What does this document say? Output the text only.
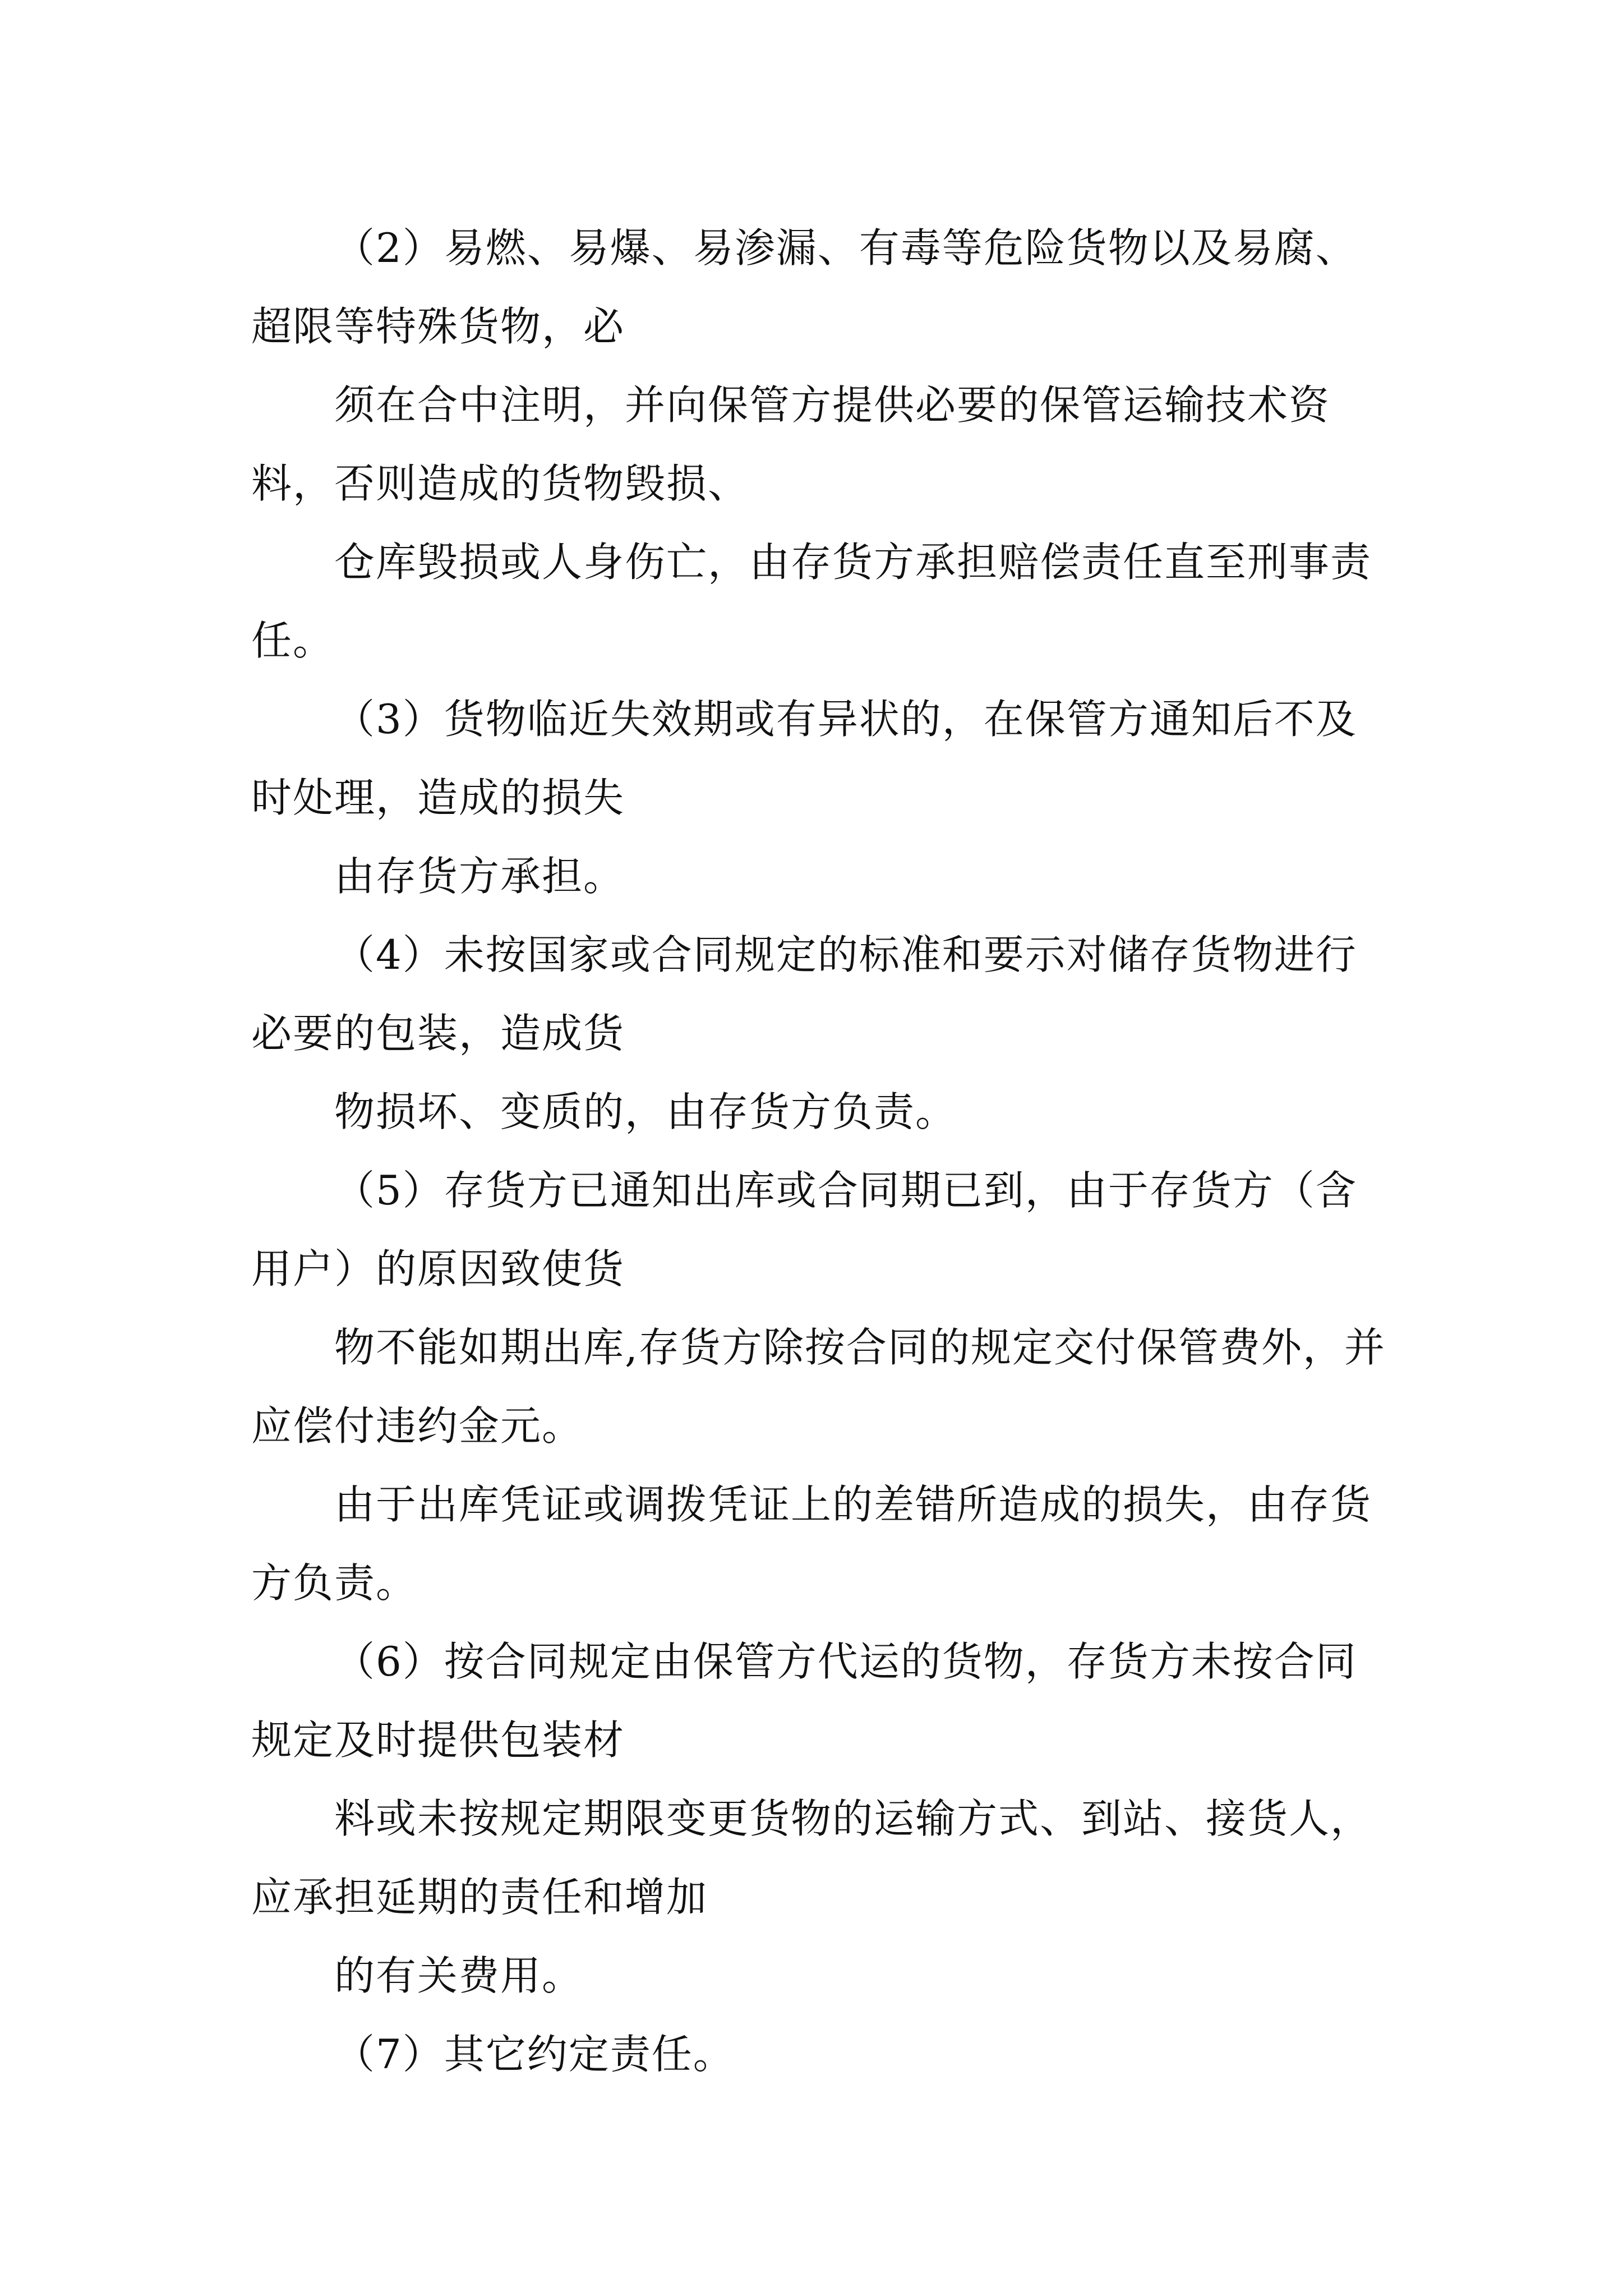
（2）易燃、易爆、易渗漏、有毒等危险货物以及易腐、超限等特殊货物，必

须在合中注明，并向保管方提供必要的保管运输技术资料，否则造成的货物毁损、

仓库毁损或人身伤亡，由存货方承担赔偿责任直至刑事责任。

（3）货物临近失效期或有异状的，在保管方通知后不及时处理，造成的损失

由存货方承担。

（4）未按国家或合同规定的标准和要示对储存货物进行必要的包装，造成货

物损坏、变质的，由存货方负责。

（5）存货方已通知出库或合同期已到，由于存货方（含用户）的原因致使货

物不能如期出库,存货方除按合同的规定交付保管费外，并应偿付违约金元。

由于出库凭证或调拨凭证上的差错所造成的损失，由存货方负责。

（6）按合同规定由保管方代运的货物，存货方未按合同规定及时提供包装材

料或未按规定期限变更货物的运输方式、到站、接货人，应承担延期的责任和增加

的有关费用。

（7）其它约定责任。
